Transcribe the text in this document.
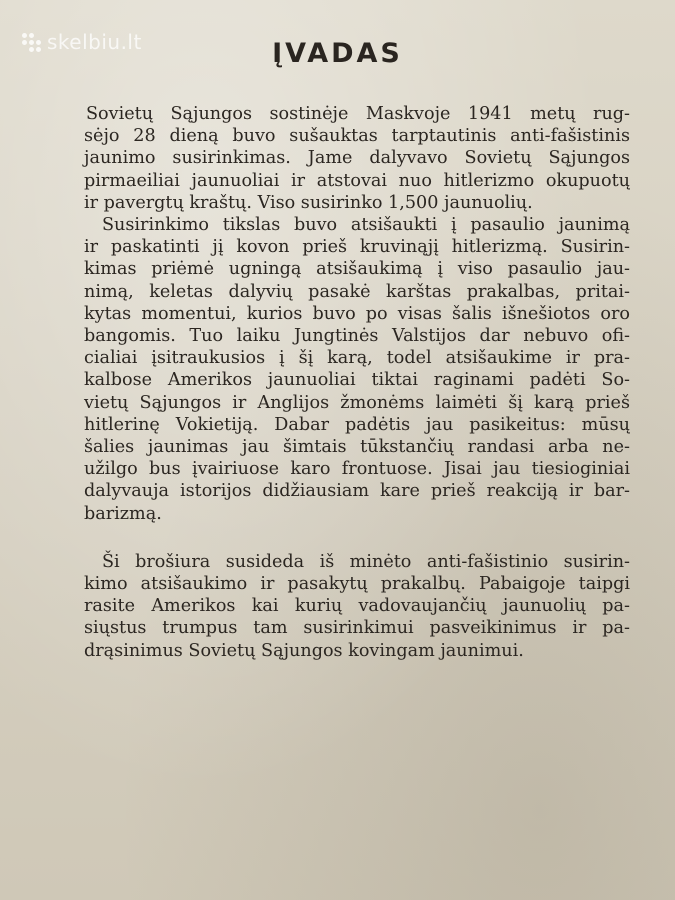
skelbiu.lt	ĮVADAS

Sovietų Sąjungos sostinėje Maskvoje 1941 metų rug-
sėjo 28 dieną buvo sušauktas tarptautinis anti-fašistinis
jaunimo susirinkimas. Jame dalyvavo Sovietų Sąjungos
pirmaeiliai jaunuoliai ir atstovai nuo hitlerizmo okupuotų
ir pavergtų kraštų. Viso susirinko 1,500 jaunuolių.

Susirinkimo tikslas buvo atsišaukti į pasaulio jaunimą
ir paskatinti jį kovon prieš kruvinąjį hitlerizmą. Susirin-
kimas priėmė ugningą atsišaukimą į viso pasaulio jau-
nimą, keletas dalyvių pasakė karštas prakalbas, pritai-
kytas momentui, kurios buvo po visas šalis išnešiotos oro
bangomis. Tuo laiku Jungtinės Valstijos dar nebuvo ofi-
cialiai įsitraukusios į šį karą, todel atsišaukime ir pra-
kalbose Amerikos jaunuoliai tiktai raginami padėti So-
vietų Sąjungos ir Anglijos žmonėms laimėti šį karą prieš
hitlerinę Vokietiją. Dabar padėtis jau pasikeitus: mūsų
šalies jaunimas jau šimtais tūkstančių randasi arba ne-
užilgo bus įvairiuose karo frontuose. Jisai jau tiesioginiai
dalyvauja istorijos didžiausiam kare prieš reakciją ir bar-
barizmą.

Ši brošiura susideda iš minėto anti-fašistinio susirin-
kimo atsišaukimo ir pasakytų prakalbų. Pabaigoje taipgi
rasite Amerikos kai kurių vadovaujančių jaunuolių pa-
siųstus trumpus tam susirinkimui pasveikinimus ir pa-
drąsinimus Sovietų Sąjungos kovingam jaunimui.
